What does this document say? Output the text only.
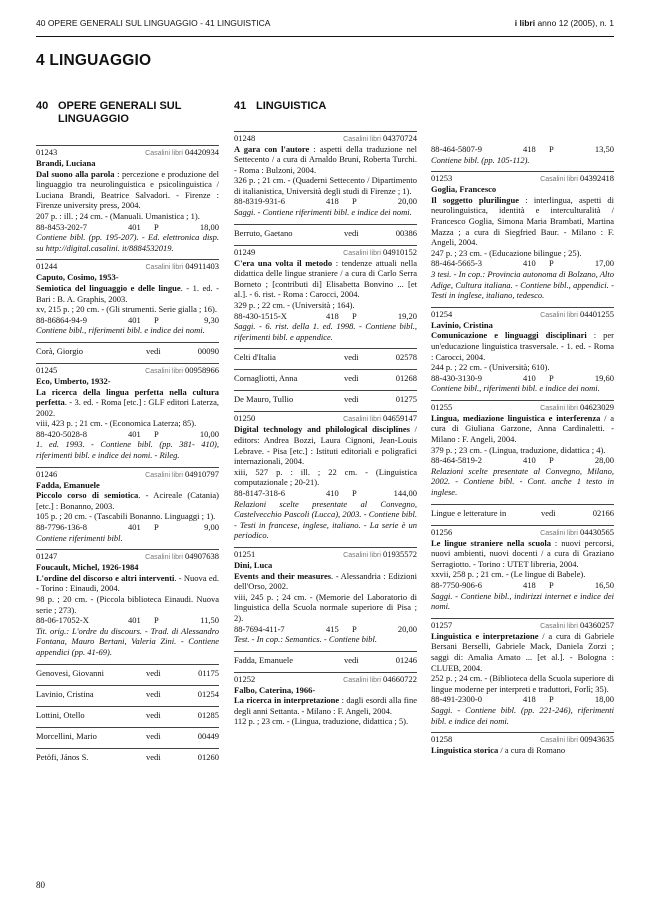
40 OPERE GENERALI SUL LINGUAGGIO - 41 LINGUISTICA	i libri anno 12 (2005), n. 1
4 LINGUAGGIO
40 OPERE GENERALI SUL LINGUAGGIO
01243	Casalini libri 04420934
Brandi, Luciana
Dal suono alla parola : percezione e produzione del linguaggio tra neurolinguistica e psicolinguistica / Luciana Brandi, Beatrice Salvadori. - Firenze : Firenze university press, 2004.
207 p. : ill. ; 24 cm. - (Manuali. Umanistica ; 1).
88-8453-202-7	401 P	18,00
Contiene bibl. (pp. 195-207). - Ed. elettronica disp. su http://digital.casalini. it/8884532019.
01244	Casalini libri 04911403
Caputo, Cosimo, 1953-
Semiotica del linguaggio e delle lingue. - 1. ed. - Bari : B. A. Graphis, 2003.
xv, 215 p. ; 20 cm. - (Gli strumenti. Serie gialla ; 16).
88-86864-94-9	401 P	9,30
Contiene bibl., riferimenti bibl. e indice dei nomi.
Corà, Giorgio	vedi	00090
01245	Casalini libri 00958966
Eco, Umberto, 1932-
La ricerca della lingua perfetta nella cultura perfetta. - 3. ed. - Roma [etc.] : GLF editori Laterza, 2002.
viii, 423 p. ; 21 cm. - (Economica Laterza; 85).
88-420-5028-8	401 P	10,00
1. ed. 1993. - Contiene bibl. (pp. 381- 410), riferimenti bibl. e indice dei nomi. - Rileg.
01246	Casalini libri 04910797
Fadda, Emanuele
Piccolo corso di semiotica. - Acireale (Catania) [etc.] : Bonanno, 2003.
105 p. ; 20 cm. - (Tascabili Bonanno. Linguaggi ; 1).
88-7796-136-8	401 P	9,00
Contiene riferimenti bibl.
01247	Casalini libri 04907638
Foucault, Michel, 1926-1984
L'ordine del discorso e altri interventi. - Nuova ed. - Torino : Einaudi, 2004.
98 p. ; 20 cm. - (Piccola biblioteca Einaudi. Nuova serie ; 273).
88-06-17052-X	401 P	11,50
Tit. orig.: L'ordre du discours. - Trad. di Alessandro Fontana, Mauro Bertani, Valeria Zini. - Contiene appendici (pp. 41-69).
Genovesi, Giovanni	vedi	01175
Lavinio, Cristina	vedi	01254
Lottini, Otello	vedi	01285
Morcellini, Mario	vedi	00449
Petöfi, János S.	vedi	01260
41 LINGUISTICA
01248	Casalini libri 04370724
A gara con l'autore : aspetti della traduzione nel Settecento / a cura di Arnaldo Bruni, Roberta Turchi. - Roma : Bulzoni, 2004.
326 p. ; 21 cm. - (Quaderni Settecento / Dipartimento di italianistica, Università degli studi di Firenze ; 1).
88-8319-931-6	418 P	20,00
Saggi. - Contiene riferimenti bibl. e indice dei nomi.
Berruto, Gaetano	vedi	00386
01249	Casalini libri 04910152
C'era una volta il metodo : tendenze attuali nella didattica delle lingue straniere / a cura di Carlo Serra Borneto ; [contributi di] Elisabetta Bonvino ... [et al.]. - 6. rist. - Roma : Carocci, 2004.
329 p. ; 22 cm. - (Università ; 164).
88-430-1515-X	418 P	19,20
Saggi. - 6. rist. della 1. ed. 1998. - Contiene bibl., riferimenti bibl. e appendice.
Celti d'Italia	vedi	02578
Cornagliotti, Anna	vedi	01268
De Mauro, Tullio	vedi	01275
01250	Casalini libri 04659147
Digital technology and philological disciplines / editors: Andrea Bozzi, Laura Cignoni, Jean-Louis Lebrave. - Pisa [etc.] : Istituti editoriali e poligrafici internazionali, 2004.
xiii, 527 p. : ill. ; 22 cm. - (Linguistica computazionale ; 20-21).
88-8147-318-6	410 P	144,00
Relazioni scelte presentate al Convegno, Castelvecchio Pascoli (Lucca), 2003. - Contiene bibl. - Testi in francese, inglese, italiano. - La serie è un periodico.
01251	Casalini libri 01935572
Dini, Luca
Events and their measures. - Alessandria : Edizioni dell'Orso, 2002.
viii, 245 p. ; 24 cm. - (Memorie del Laboratorio di linguistica della Scuola normale superiore di Pisa ; 2).
88-7694-411-7	415 P	20,00
Test. - In cop.: Semantics. - Contiene bibl.
Fadda, Emanuele	vedi	01246
01252	Casalini libri 04660722
Falbo, Caterina, 1966-
La ricerca in interpretazione : dagli esordi alla fine degli anni Settanta. - Milano : F. Angeli, 2004.
112 p. ; 23 cm. - (Lingua, traduzione, didattica ; 5).
88-464-5807-9	418 P	13,50
Contiene bibl. (pp. 105-112).
01253	Casalini libri 04392418
Goglia, Francesco
Il soggetto plurilingue : interlingua, aspetti di neurolinguistica, identità e interculturalità / Francesco Goglia, Simona Maria Brambati, Martina Mazza ; a cura di Siegfried Baur. - Milano : F. Angeli, 2004.
247 p. ; 23 cm. - (Educazione bilingue ; 25).
88-464-5665-3	410 P	17,00
3 tesi. - In cop.: Provincia autonoma di Bolzano, Alto Adige, Cultura italiana. - Contiene bibl., appendici. - Testi in inglese, italiano, tedesco.
01254	Casalini libri 04401255
Lavinio, Cristina
Comunicazione e linguaggi disciplinari : per un'educazione linguistica trasversale. - 1. ed. - Roma : Carocci, 2004.
244 p. ; 22 cm. - (Università; 610).
88-430-3130-9	410 P	19,60
Contiene bibl., riferimenti bibl. e indice dei nomi.
01255	Casalini libri 04623029
Lingua, mediazione linguistica e interferenza / a cura di Giuliana Garzone, Anna Cardinaletti. - Milano : F. Angeli, 2004.
379 p. ; 23 cm. - (Lingua, traduzione, didattica ; 4).
88-464-5819-2	410 P	28,00
Relazioni scelte presentate al Convegno, Milano, 2002. - Contiene bibl. - Cont. anche 1 testo in inglese.
Lingue e letterature in	vedi	02166
01256	Casalini libri 04430565
Le lingue straniere nella scuola : nuovi percorsi, nuovi ambienti, nuovi docenti / a cura di Graziano Serragiotto. - Torino : UTET libreria, 2004.
xxvii, 258 p. ; 21 cm. - (Le lingue di Babele).
88-7750-906-6	418 P	16,50
Saggi. - Contiene bibl., indirizzi internet e indice dei nomi.
01257	Casalini libri 04360257
Linguistica e interpretazione / a cura di Gabriele Bersani Berselli, Gabriele Mack, Daniela Zorzi ; saggi di: Amalia Amato ... [et al.]. - Bologna : CLUEB, 2004.
252 p. ; 24 cm. - (Biblioteca della Scuola superiore di lingue moderne per interpreti e traduttori, Forlì; 35).
88-491-2300-0	418 P	18,00
Saggi. - Contiene bibl. (pp. 221-246), riferimenti bibl. e indice dei nomi.
01258	Casalini libri 00943635
Linguistica storica / a cura di Romano
80
